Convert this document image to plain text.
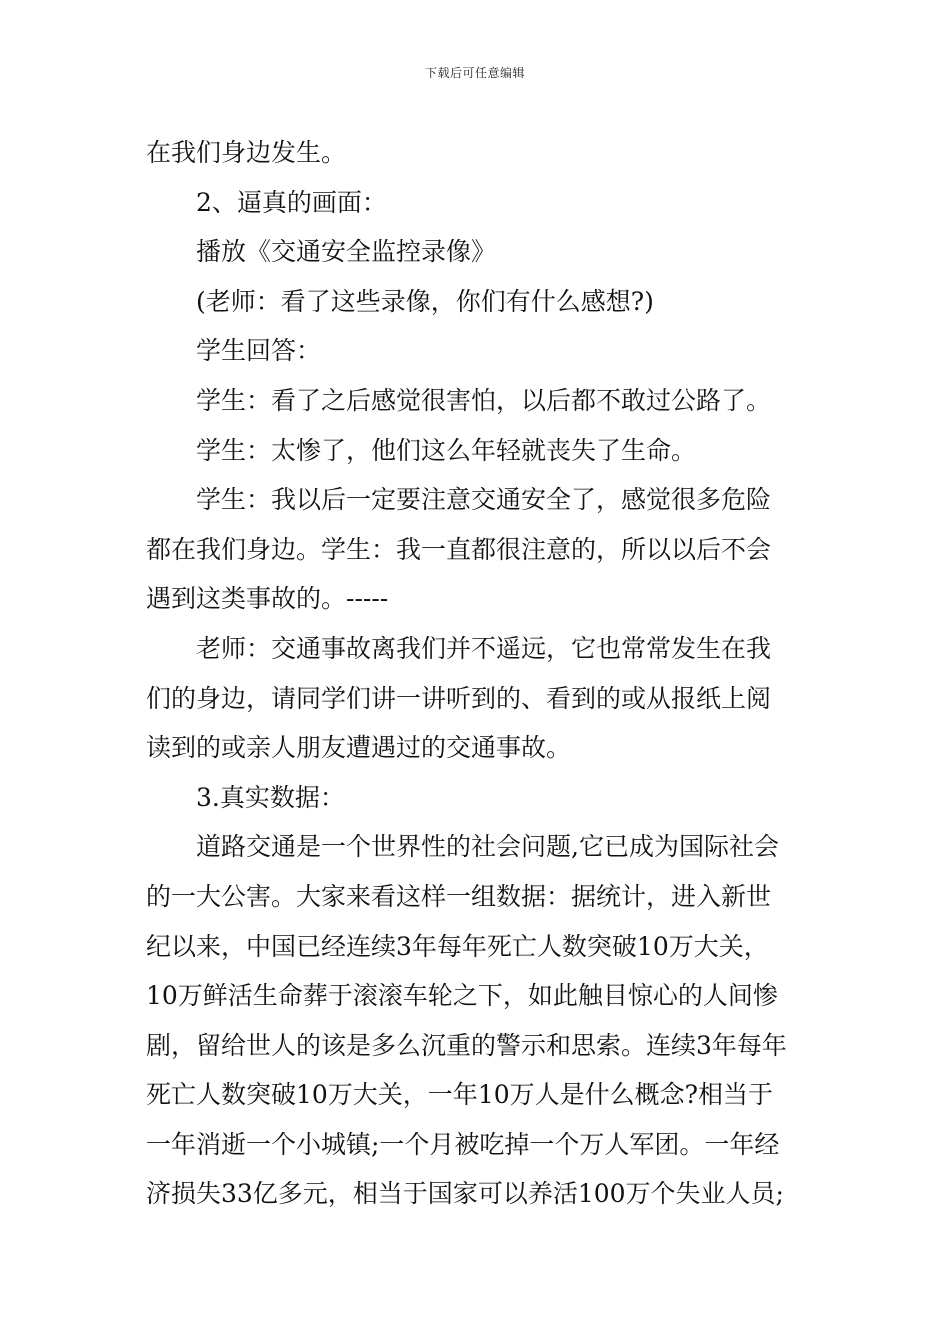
下载后可任意编辑
在我们身边发生。
2、逼真的画面：
播放《交通安全监控录像》
(老师：看了这些录像，你们有什么感想?)
学生回答：
学生：看了之后感觉很害怕，以后都不敢过公路了。
学生：太惨了，他们这么年轻就丧失了生命。
学生：我以后一定要注意交通安全了，感觉很多危险
都在我们身边。学生：我一直都很注意的，所以以后不会
遇到这类事故的。-----
老师：交通事故离我们并不遥远，它也常常发生在我
们的身边，请同学们讲一讲听到的、看到的或从报纸上阅
读到的或亲人朋友遭遇过的交通事故。
3.真实数据：
道路交通是一个世界性的社会问题,它已成为国际社会
的一大公害。大家来看这样一组数据：据统计，进入新世
纪以来，中国已经连续3年每年死亡人数突破10万大关，
10万鲜活生命葬于滚滚车轮之下，如此触目惊心的人间惨
剧，留给世人的该是多么沉重的警示和思索。连续3年每年
死亡人数突破10万大关，一年10万人是什么概念?相当于
一年消逝一个小城镇;一个月被吃掉一个万人军团。一年经
济损失33亿多元，相当于国家可以养活100万个失业人员;
